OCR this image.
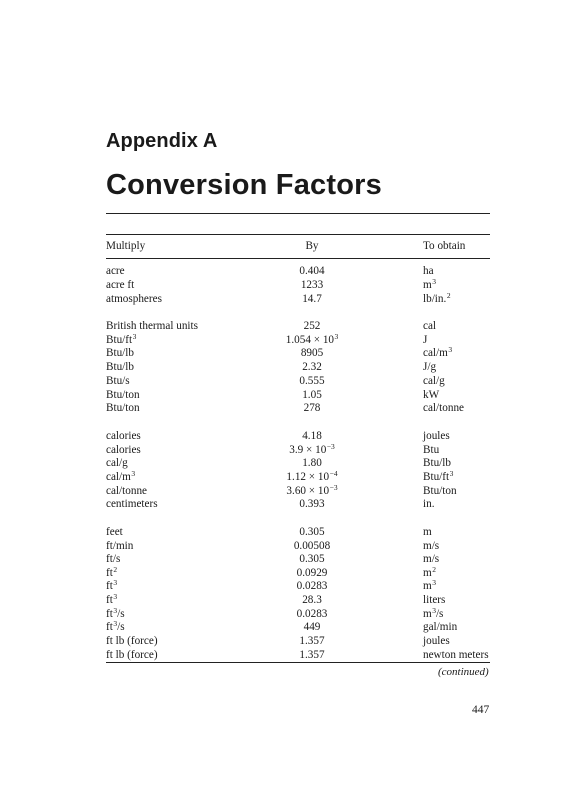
Appendix A
Conversion Factors
Multiply	By	To obtain
acre	0.404	ha
acre ft	1233	$m^3$
atmospheres	14.7	lb/in.$^2$
British thermal units	252	cal
Btu/$ft^3$	$1.054 \times 10^3$	J
Btu/lb	8905	cal/$m^3$
Btu/lb	2.32	J/g
Btu/s	0.555	cal/g
Btu/ton	1.05	kW
Btu/ton	278	cal/tonne
calories	4.18	joules
calories	$3.9 \times 10^{-3}$	Btu
cal/g	1.80	Btu/lb
cal/$m^3$	$1.12 \times 10^{-4}$	Btu/$ft^3$
cal/tonne	$3.60 \times 10^{-3}$	Btu/ton
centimeters	0.393	in.
feet	0.305	m
ft/min	0.00508	m/s
ft/s	0.305	m/s
$ft^2$	0.0929	$m^2$
$ft^3$	0.0283	$m^3$
$ft^3$	28.3	liters
$ft^3/s$	0.0283	$m^3/s$
$ft^3/s$	449	gal/min
ft lb (force)	1.357	joules
ft lb (force)	1.357	newton meters
(continued)
447
